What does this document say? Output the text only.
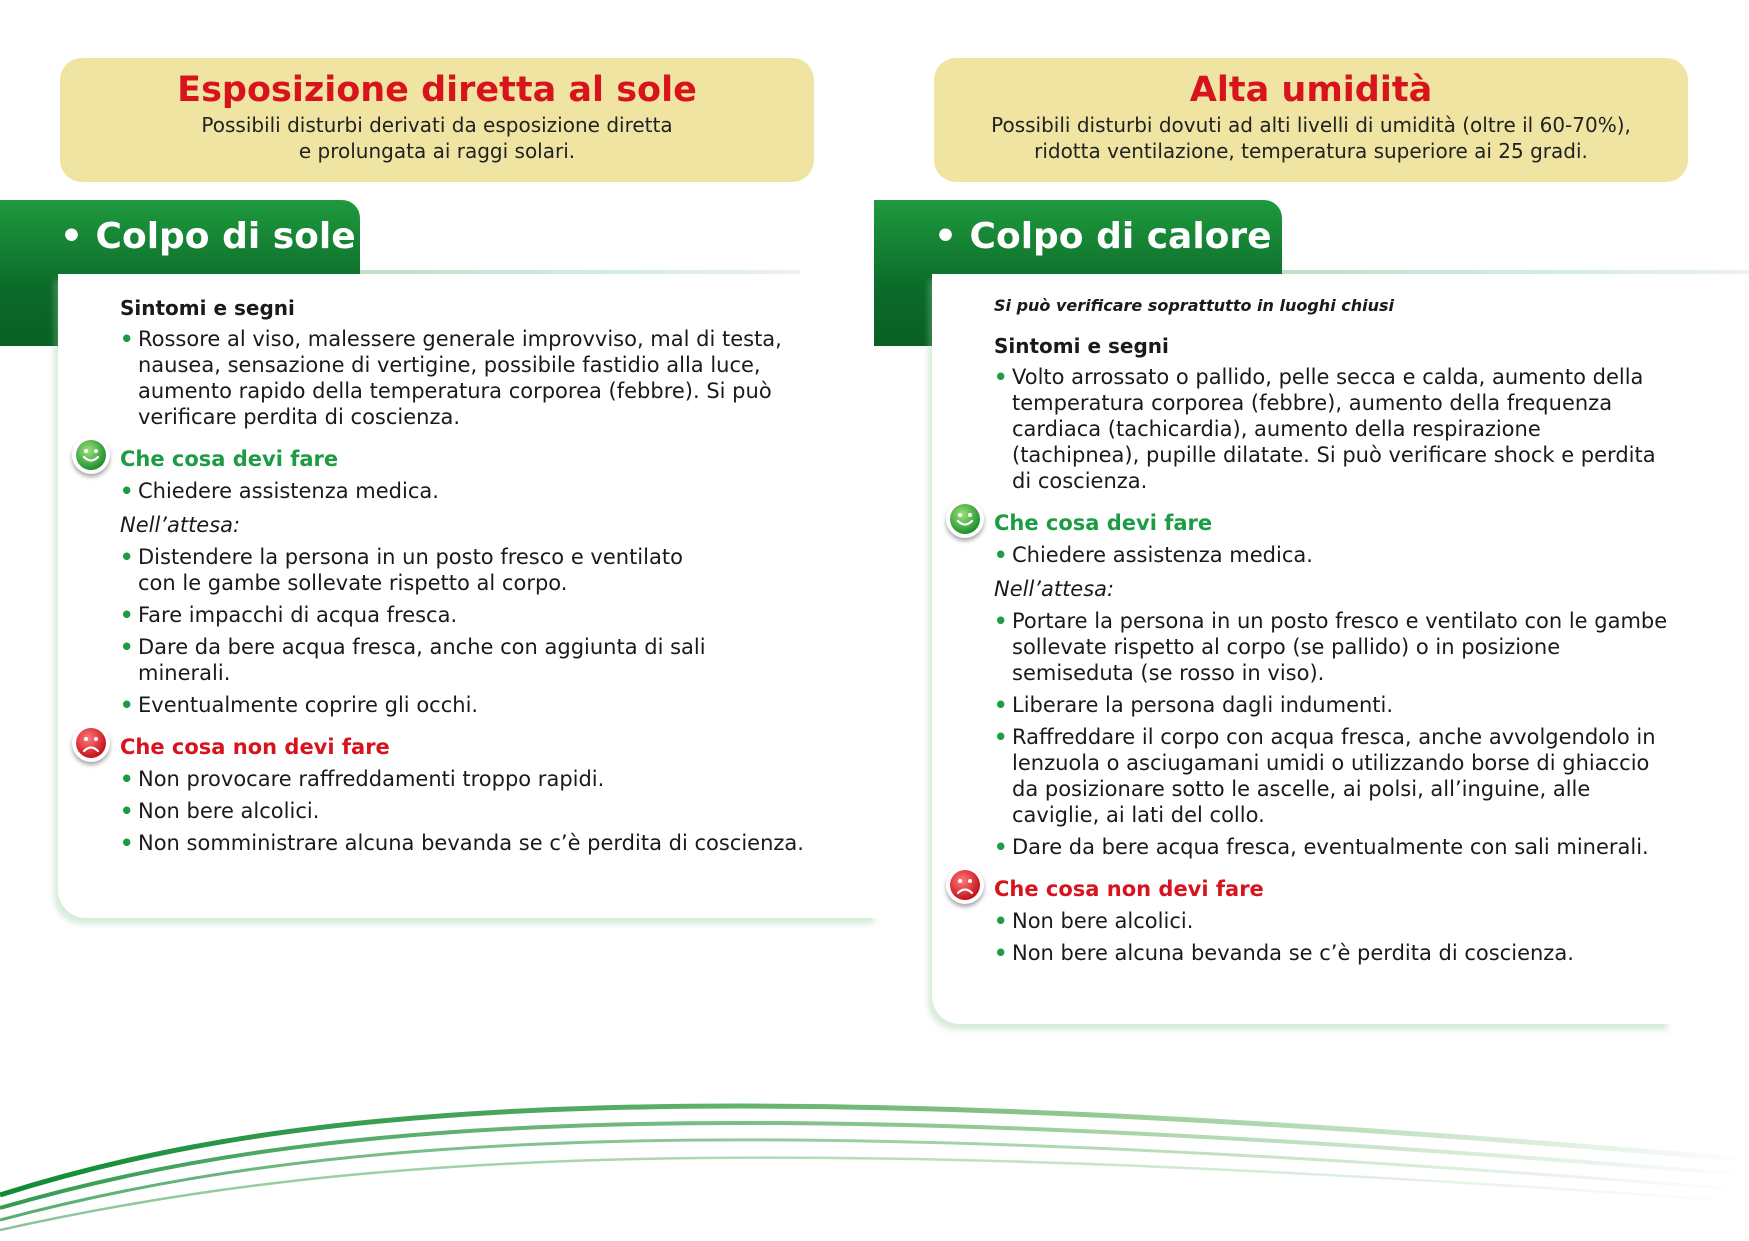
Esposizione diretta al sole
Possibili disturbi derivati da esposizione diretta
e prolungata ai raggi solari.
• Colpo di sole
Sintomi e segni
• Rossore al viso, malessere generale improvviso, mal di testa, nausea, sensazione di vertigine, possibile fastidio alla luce, aumento rapido della temperatura corporea (febbre). Si può verificare perdita di coscienza.
Che cosa devi fare
• Chiedere assistenza medica.
Nell’attesa:
• Distendere la persona in un posto fresco e ventilato con le gambe sollevate rispetto al corpo.
• Fare impacchi di acqua fresca.
• Dare da bere acqua fresca, anche con aggiunta di sali minerali.
• Eventualmente coprire gli occhi.
Che cosa non devi fare
• Non provocare raffreddamenti troppo rapidi.
• Non bere alcolici.
• Non somministrare alcuna bevanda se c’è perdita di coscienza.
Alta umidità
Possibili disturbi dovuti ad alti livelli di umidità (oltre il 60-70%),
ridotta ventilazione, temperatura superiore ai 25 gradi.
• Colpo di calore
Si può verificare soprattutto in luoghi chiusi
Sintomi e segni
• Volto arrossato o pallido, pelle secca e calda, aumento della temperatura corporea (febbre), aumento della frequenza cardiaca (tachicardia), aumento della respirazione (tachipnea), pupille dilatate. Si può verificare shock e perdita di coscienza.
Che cosa devi fare
• Chiedere assistenza medica.
Nell’attesa:
• Portare la persona in un posto fresco e ventilato con le gambe sollevate rispetto al corpo (se pallido) o in posizione semiseduta (se rosso in viso).
• Liberare la persona dagli indumenti.
• Raffreddare il corpo con acqua fresca, anche avvolgendolo in lenzuola o asciugamani umidi o utilizzando borse di ghiaccio da posizionare sotto le ascelle, ai polsi, all’inguine, alle caviglie, ai lati del collo.
• Dare da bere acqua fresca, eventualmente con sali minerali.
Che cosa non devi fare
• Non bere alcolici.
• Non bere alcuna bevanda se c’è perdita di coscienza.
